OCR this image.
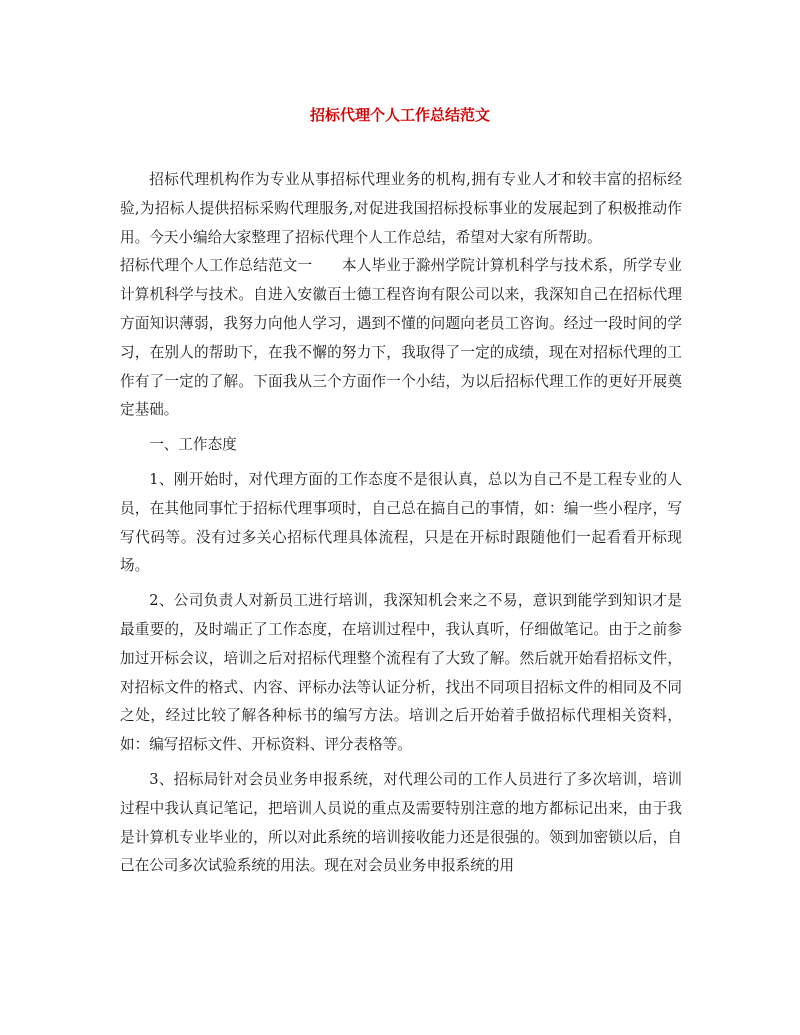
招标代理个人工作总结范文

招标代理机构作为专业从事招标代理业务的机构,拥有专业人才和较丰富的招标经验,为招标人提供招标采购代理服务,对促进我国招标投标事业的发展起到了积极推动作用。今天小编给大家整理了招标代理个人工作总结，希望对大家有所帮助。

招标代理个人工作总结范文一　　本人毕业于滁州学院计算机科学与技术系，所学专业计算机科学与技术。自进入安徽百士德工程咨询有限公司以来，我深知自己在招标代理方面知识薄弱，我努力向他人学习，遇到不懂的问题向老员工咨询。经过一段时间的学习，在别人的帮助下，在我不懈的努力下，我取得了一定的成绩，现在对招标代理的工作有了一定的了解。下面我从三个方面作一个小结，为以后招标代理工作的更好开展奠定基础。

一、工作态度

1、刚开始时，对代理方面的工作态度不是很认真，总以为自己不是工程专业的人员，在其他同事忙于招标代理事项时，自己总在搞自己的事情，如：编一些小程序，写写代码等。没有过多关心招标代理具体流程，只是在开标时跟随他们一起看看开标现场。

2、公司负责人对新员工进行培训，我深知机会来之不易，意识到能学到知识才是最重要的，及时端正了工作态度，在培训过程中，我认真听，仔细做笔记。由于之前参加过开标会议，培训之后对招标代理整个流程有了大致了解。然后就开始看招标文件，对招标文件的格式、内容、评标办法等认证分析，找出不同项目招标文件的相同及不同之处，经过比较了解各种标书的编写方法。培训之后开始着手做招标代理相关资料，如：编写招标文件、开标资料、评分表格等。

3、招标局针对会员业务申报系统，对代理公司的工作人员进行了多次培训，培训过程中我认真记笔记，把培训人员说的重点及需要特别注意的地方都标记出来，由于我是计算机专业毕业的，所以对此系统的培训接收能力还是很强的。领到加密锁以后，自己在公司多次试验系统的用法。现在对会员业务申报系统的用
